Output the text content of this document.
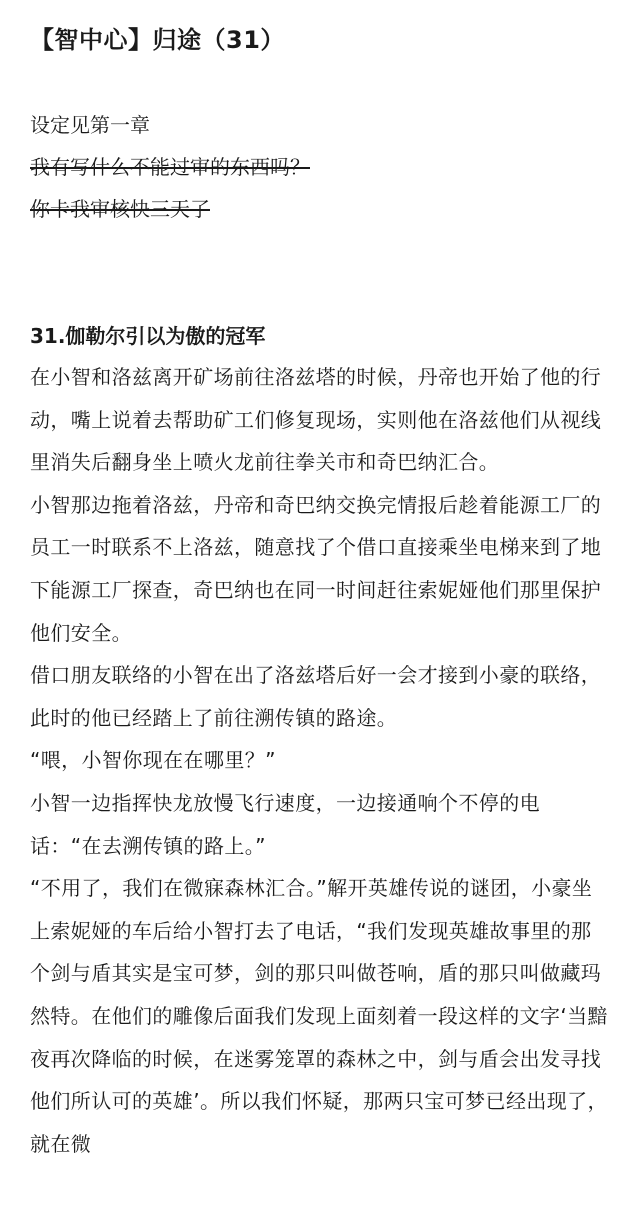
【智中心】归途（31）
设定见第一章
我有写什么不能过审的东西吗？
你卡我审核快三天了
31.伽勒尔引以为傲的冠军

在小智和洛兹离开矿场前往洛兹塔的时候，丹帝也开始了他的行动，嘴上说着去帮助矿工们修复现场，实则他在洛兹他们从视线里消失后翻身坐上喷火龙前往拳关市和奇巴纳汇合。

小智那边拖着洛兹，丹帝和奇巴纳交换完情报后趁着能源工厂的员工一时联系不上洛兹，随意找了个借口直接乘坐电梯来到了地下能源工厂探查，奇巴纳也在同一时间赶往索妮娅他们那里保护他们安全。

借口朋友联络的小智在出了洛兹塔后好一会才接到小豪的联络，此时的他已经踏上了前往溯传镇的路途。

“喂，小智你现在在哪里？”

小智一边指挥快龙放慢飞行速度，一边接通响个不停的电话：“在去溯传镇的路上。”

“不用了，我们在微寐森林汇合。”解开英雄传说的谜团，小豪坐上索妮娅的车后给小智打去了电话，“我们发现英雄故事里的那个剑与盾其实是宝可梦，剑的那只叫做苍响，盾的那只叫做藏玛然特。在他们的雕像后面我们发现上面刻着一段这样的文字‘当黯夜再次降临的时候，在迷雾笼罩的森林之中，剑与盾会出发寻找他们所认可的英雄’。所以我们怀疑，那两只宝可梦已经出现了，就在微
